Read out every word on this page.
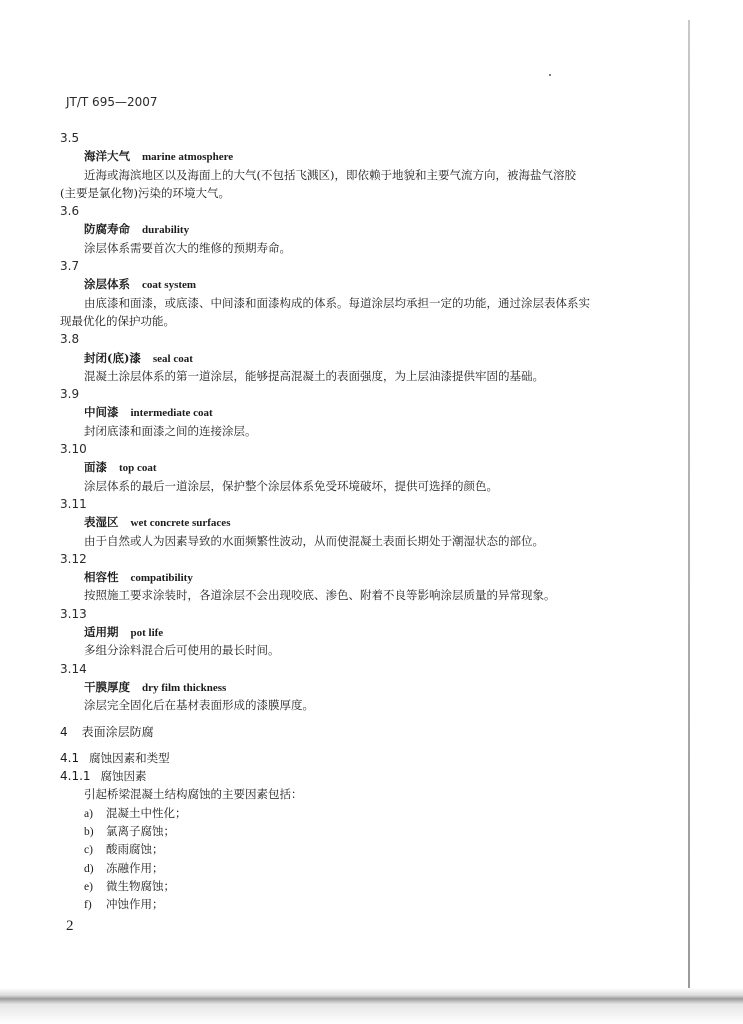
JT/T 695—2007
3.5
海洋大气 marine atmosphere
近海或海滨地区以及海面上的大气(不包括飞溅区)，即依赖于地貌和主要气流方向，被海盐气溶胶
(主要是氯化物)污染的环境大气。
3.6
防腐寿命 durability
涂层体系需要首次大的维修的预期寿命。
3.7
涂层体系 coat system
由底漆和面漆，或底漆、中间漆和面漆构成的体系。每道涂层均承担一定的功能，通过涂层表体系实
现最优化的保护功能。
3.8
封闭(底)漆 seal coat
混凝土涂层体系的第一道涂层，能够提高混凝土的表面强度，为上层油漆提供牢固的基础。
3.9
中间漆 intermediate coat
封闭底漆和面漆之间的连接涂层。
3.10
面漆 top coat
涂层体系的最后一道涂层，保护整个涂层体系免受环境破坏，提供可选择的颜色。
3.11
表湿区 wet concrete surfaces
由于自然或人为因素导致的水面频繁性波动，从而使混凝土表面长期处于潮湿状态的部位。
3.12
相容性 compatibility
按照施工要求涂装时，各道涂层不会出现咬底、渗色、附着不良等影响涂层质量的异常现象。
3.13
适用期 pot life
多组分涂料混合后可使用的最长时间。
3.14
干膜厚度 dry film thickness
涂层完全固化后在基材表面形成的漆膜厚度。
4 表面涂层防腐
4.1 腐蚀因素和类型
4.1.1 腐蚀因素
引起桥梁混凝土结构腐蚀的主要因素包括：
a) 混凝土中性化；
b) 氯离子腐蚀；
c) 酸雨腐蚀；
d) 冻融作用；
e) 微生物腐蚀；
f) 冲蚀作用；
2
